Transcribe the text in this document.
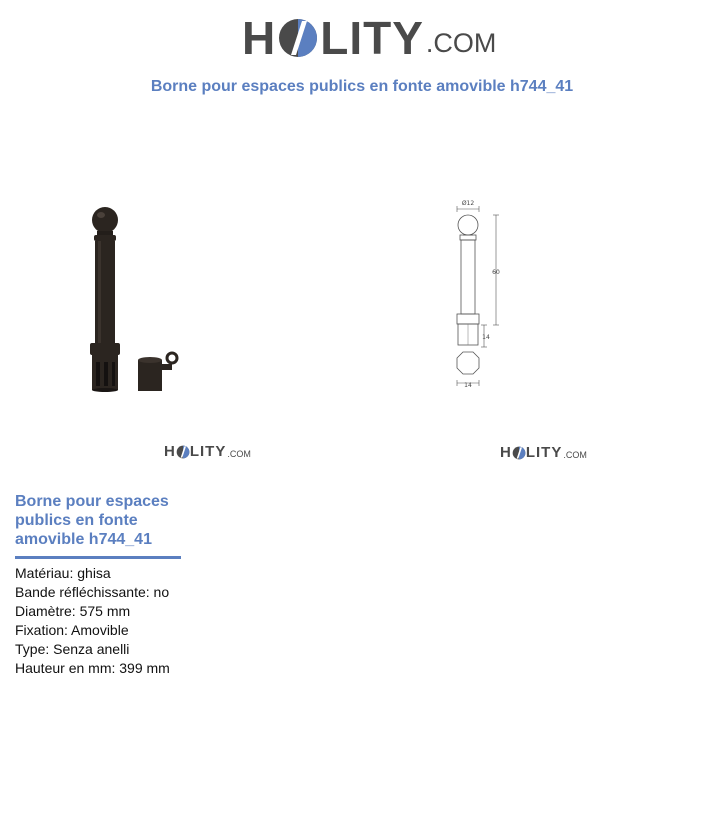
H LITY .COM
Borne pour espaces publics en fonte amovible h744_41
Ø12
14
60
14
H LITY .COM	H LITY .COM
Borne pour espaces publics en fonte amovible h744_41
Matériau: ghisa
Bande réfléchissante: no
Diamètre: 575 mm
Fixation: Amovible
Type: Senza anelli
Hauteur en mm: 399 mm
